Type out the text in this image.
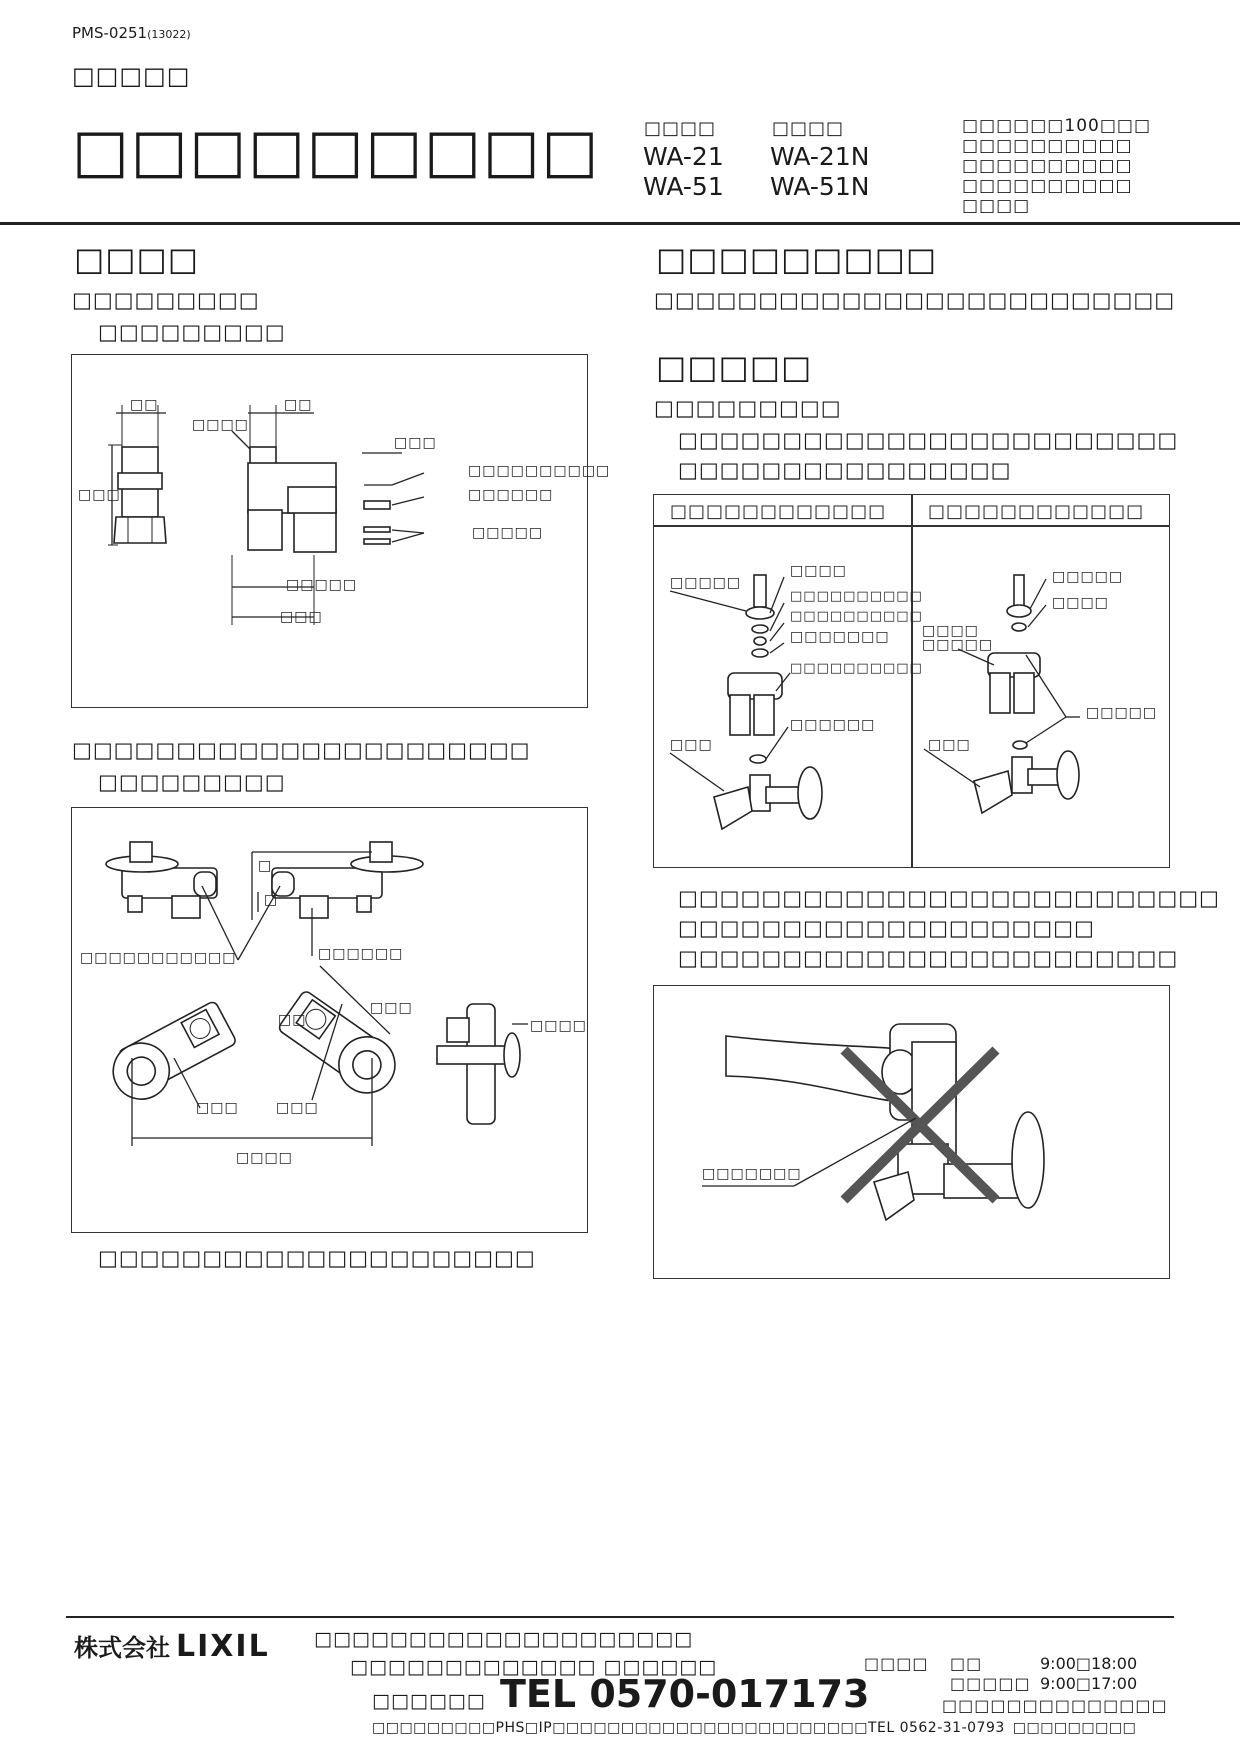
PMS-0251(13022)
□□□□□
□□□□□□□□□ □□□□
WA-21
WA-51
□□□□
WA-21N
WA-51N
□□□□□□100□□□
□□□□□□□□□□
□□□□□□□□□□
□□□□□□□□□□
□□□□
□□□□
□□□□□□□□□
□□□□□□□□□
□□	□□
□□□□
□□□
□□□□□
□□□
□□□
□□□□□□□□□□
□□□□□□
□□□□□
□□□□□□□□□□□□□□□□□□□□□□
□□□□□□□□□
□□□□□□□□□□□	□□□□□□
□
□
□□□
□□	□□□□
□□□	□□□
□□□□
□□□□□□□□□□□□□□□□□□□□□
□□□□□□□□□
□□□□□□□□□□□□□□□□□□□□□□□□□
□□□□□
□□□□□□□□□
□□□□□□□□□□□□□□□□□□□□□□□□
□□□□□□□□□□□□□□□□
□□□□□□□□□□□□ □□□□□□□□□□□□
□□□□□
□□□□
□□□□□□□□□□
□□□□□□□□□□
□□□□□□□
□□□□□□□□□□
□□□□□□
□□□
□□□□□
□□□□
□□□□
□□□□□
□□□□□
□□□
□□□□□□□□□□□□□□□□□□□□□□□□□□
□□□□□□□□□□□□□□□□□□□□
□□□□□□□□□□□□□□□□□□□□□□□□
□□□□□□□
株式会社 LIXIL □□□□□□□□□□□□□□□□□□□□
□□□□□□□□□□□□□ □□□□□□
□□□□□□ TEL 0570-017173
□□□□ □□	9:00□18:00
□□□□□ 9:00□17:00
□□□□□□□□□□□□□□
□□□□□□□□□PHS□IP□□□□□□□□□□□□□□□□□□□□□□□TEL 0562-31-0793 □□□□□□□□□
